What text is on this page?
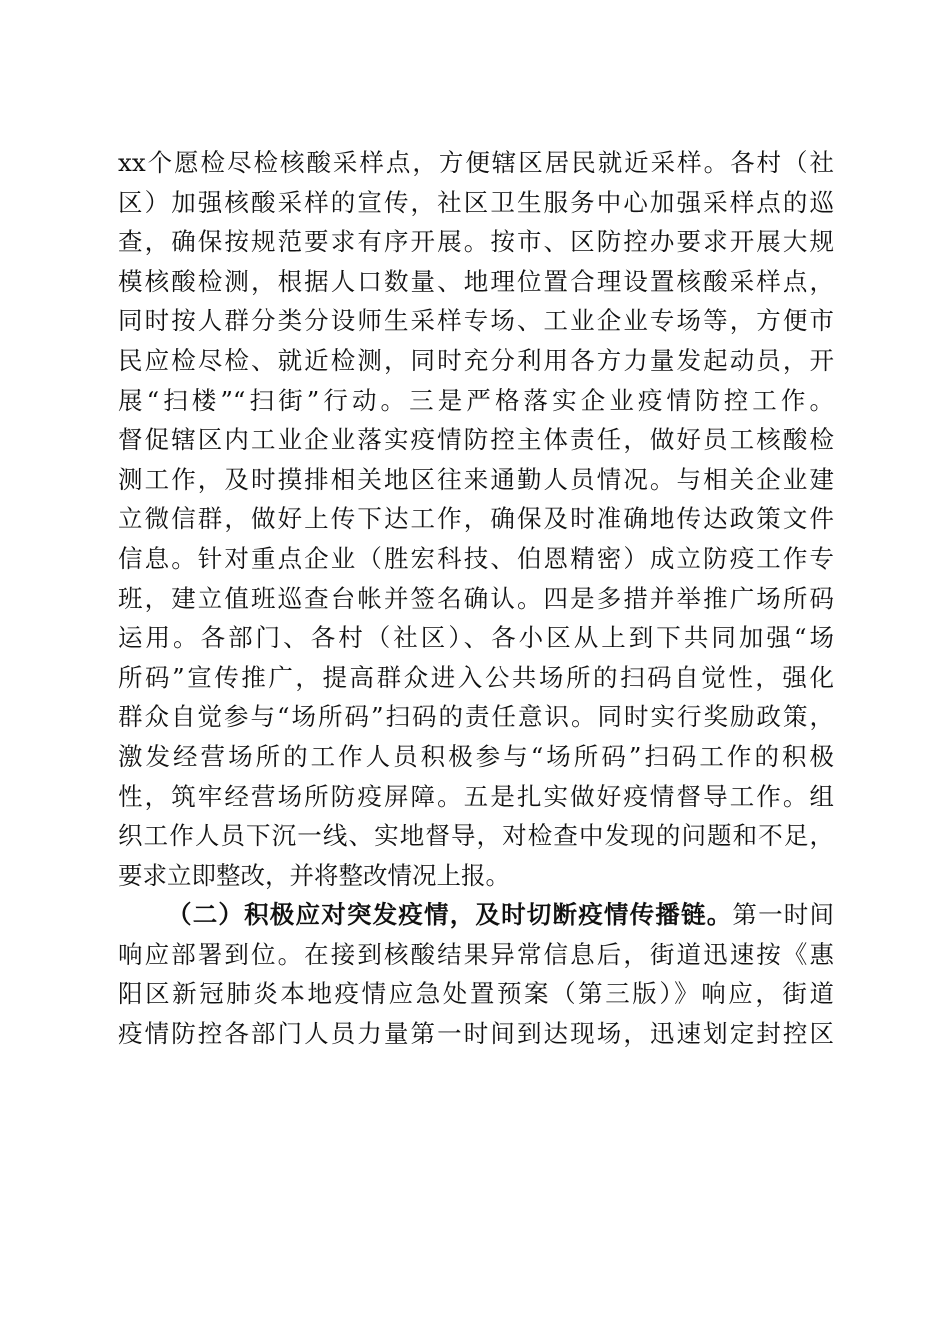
xx个愿检尽检核酸采样点，方便辖区居民就近采样。各村（社
区）加强核酸采样的宣传，社区卫生服务中心加强采样点的巡
查，确保按规范要求有序开展。按市、区防控办要求开展大规
模核酸检测，根据人口数量、地理位置合理设置核酸采样点，
同时按人群分类分设师生采样专场、工业企业专场等，方便市
民应检尽检、就近检测，同时充分利用各方力量发起动员，开
展“扫楼”“扫街”行动。三是严格落实企业疫情防控工作。
督促辖区内工业企业落实疫情防控主体责任，做好员工核酸检
测工作，及时摸排相关地区往来通勤人员情况。与相关企业建
立微信群，做好上传下达工作，确保及时准确地传达政策文件
信息。针对重点企业（胜宏科技、伯恩精密）成立防疫工作专
班，建立值班巡查台帐并签名确认。四是多措并举推广场所码
运用。各部门、各村（社区）、各小区从上到下共同加强“场
所码”宣传推广，提高群众进入公共场所的扫码自觉性，强化
群众自觉参与“场所码”扫码的责任意识。同时实行奖励政策，
激发经营场所的工作人员积极参与“场所码”扫码工作的积极
性，筑牢经营场所防疫屏障。五是扎实做好疫情督导工作。组
织工作人员下沉一线、实地督导，对检查中发现的问题和不足，
要求立即整改，并将整改情况上报。
（二）积极应对突发疫情，及时切断疫情传播链。第一时间
响应部署到位。在接到核酸结果异常信息后，街道迅速按《惠
阳区新冠肺炎本地疫情应急处置预案（第三版）》响应，街道
疫情防控各部门人员力量第一时间到达现场，迅速划定封控区
